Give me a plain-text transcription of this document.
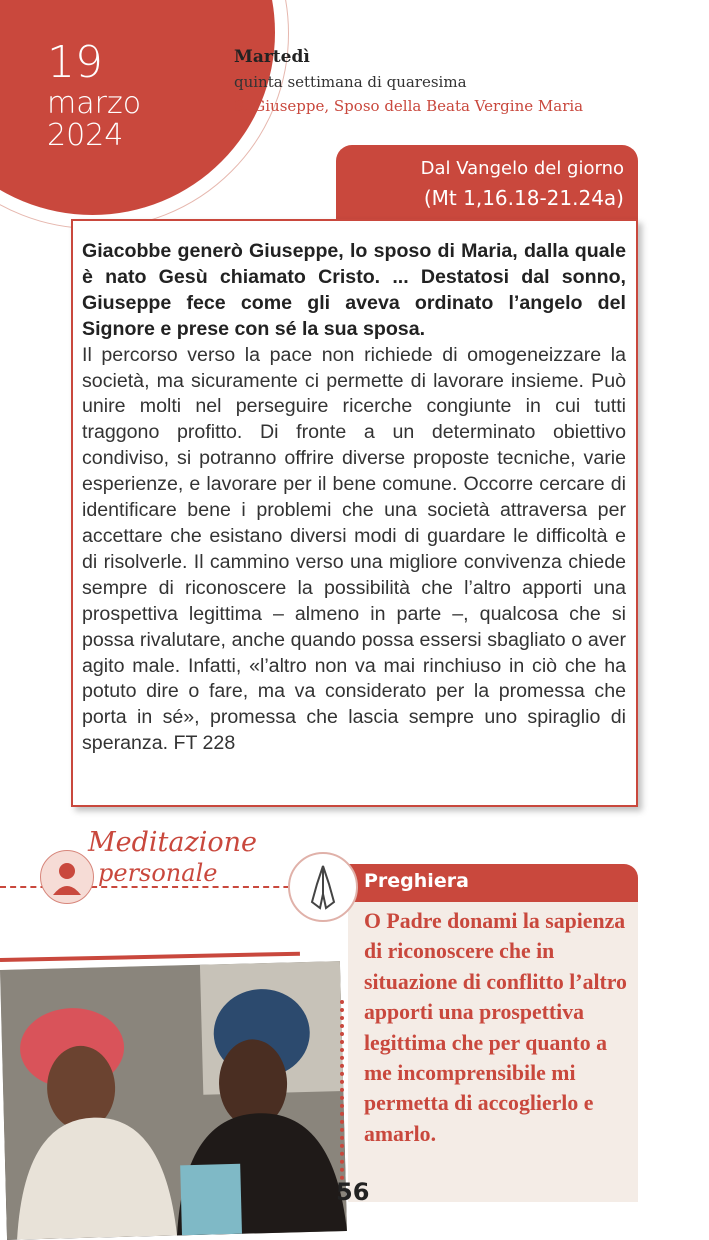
19
marzo
2024
Martedì
quinta settimana di quaresima
S. Giuseppe, Sposo della Beata Vergine Maria
Dal Vangelo del giorno
(Mt 1,16.18-21.24a)

Giacobbe generò Giuseppe, lo sposo di Maria, dalla quale è nato Gesù chiamato Cristo. ... Destatosi dal sonno, Giuseppe fece come gli aveva ordinato l’angelo del Signore e prese con sé la sua sposa.

Il percorso verso la pace non richiede di omogeneizzare la società, ma sicuramente ci permette di lavorare insieme. Può unire molti nel perseguire ricerche congiunte in cui tutti traggono profitto. Di fronte a un determinato obiettivo condiviso, si potranno offrire diverse proposte tecniche, varie esperienze, e lavorare per il bene comune. Occorre cercare di identificare bene i problemi che una società attraversa per accettare che esistano diversi modi di guardare le difficoltà e di risolverle. Il cammino verso una migliore convivenza chiede sempre di riconoscere la possibilità che l’altro apporti una prospettiva legittima – almeno in parte –, qualcosa che si possa rivalutare, anche quando possa essersi sbagliato o aver agito male. Infatti, «l’altro non va mai rinchiuso in ciò che ha potuto dire o fare, ma va considerato per la promessa che porta in sé», promessa che lascia sempre uno spiraglio di speranza. FT 228

Meditazione
personale	Preghiera

O Padre donami la sapienza di riconoscere che in situazione di conflitto l’altro apporti una prospettiva legittima che per quanto a me incomprensibile mi permetta di accoglierlo e amarlo.

56
